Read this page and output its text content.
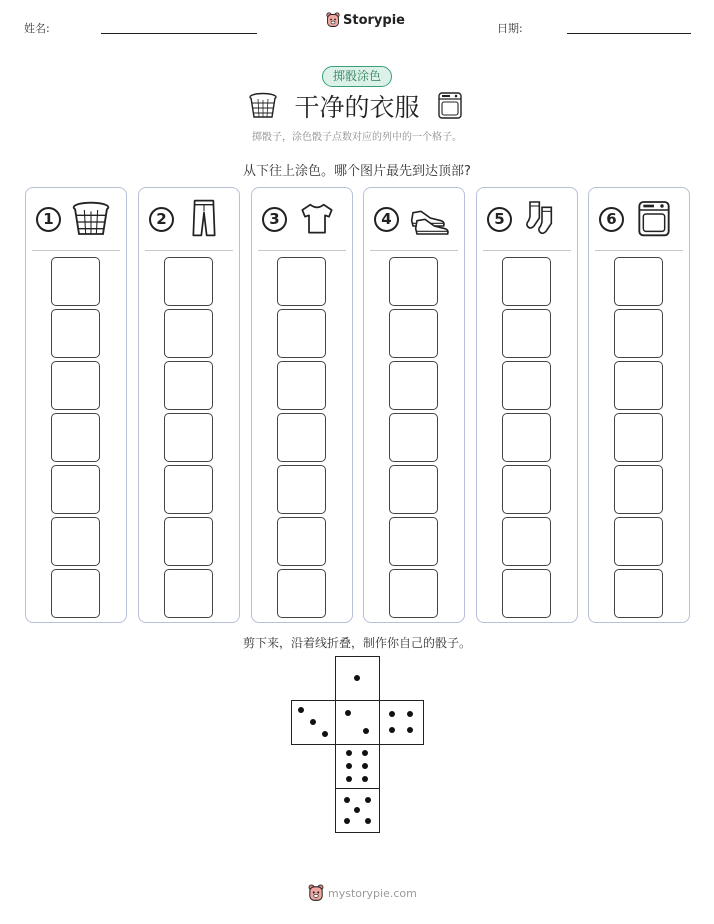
姓名:
Storypie
日期:
掷骰涂色
干净的衣服
掷骰子，涂色骰子点数对应的列中的一个格子。
从下往上涂色。哪个图片最先到达顶部?
1	2	3	4	5	6
剪下来，沿着线折叠，制作你自己的骰子。
mystorypie.com
